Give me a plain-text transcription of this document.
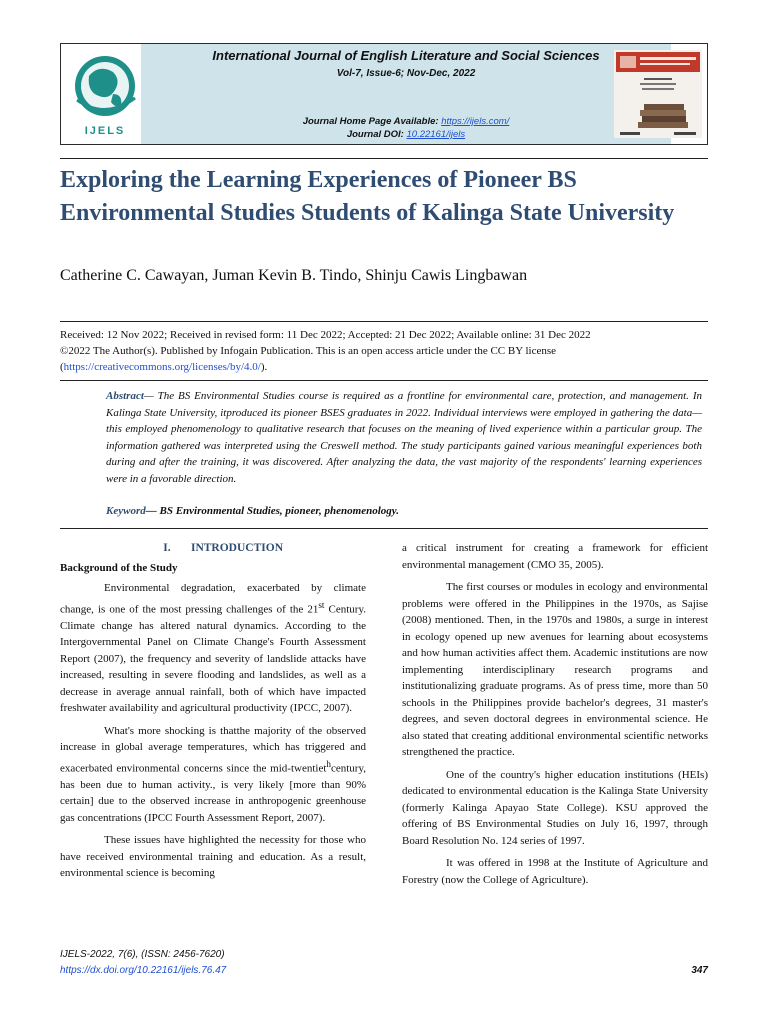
IJELS
International Journal of English Literature and Social Sciences
Vol-7, Issue-6; Nov-Dec, 2022
Journal Home Page Available: https://ijels.com/
Journal DOI: 10.22161/ijels
Exploring the Learning Experiences of Pioneer BS Environmental Studies Students of Kalinga State University
Catherine C. Cawayan, Juman Kevin B. Tindo, Shinju Cawis Lingbawan
Received: 12 Nov 2022; Received in revised form: 11 Dec 2022; Accepted: 21 Dec 2022; Available online: 31 Dec 2022
©2022 The Author(s). Published by Infogain Publication. This is an open access article under the CC BY license
(https://creativecommons.org/licenses/by/4.0/).

Abstract— The BS Environmental Studies course is required as a frontline for environmental care, protection, and management. In Kalinga State University, itproduced its pioneer BSES graduates in 2022. Individual interviews were employed in gathering the data—this employed phenomenology to qualitative research that focuses on the meaning of lived experience within a particular group. The information gathered was interpreted using the Creswell method. The study participants gained various meaningful experiences both during and after the training, it was discovered. After analyzing the data, the vast majority of the respondents' learning experiences were in a favorable direction.

Keyword— BS Environmental Studies, pioneer, phenomenology.
I. INTRODUCTION
Background of the Study

Environmental degradation, exacerbated by climate change, is one of the most pressing challenges of the 21st Century. Climate change has altered natural dynamics. According to the Intergovernmental Panel on Climate Change's Fourth Assessment Report (2007), the frequency and severity of landslide attacks have increased, resulting in severe flooding and landslides, as well as a decrease in average annual rainfall, both of which have impacted freshwater availability and agricultural productivity (IPCC, 2007).

What's more shocking is thatthe majority of the observed increase in global average temperatures, which has triggered and exacerbated environmental concerns since the mid-twentiet$^h$century, has been due to human activity., is very likely [more than 90% certain] due to the observed increase in anthropogenic greenhouse gas concentrations (IPCC Fourth Assessment Report, 2007).

These issues have highlighted the necessity for those who have received environmental training and education. As a result, environmental science is becoming

a critical instrument for creating a framework for efficient environmental management (CMO 35, 2005).

The first courses or modules in ecology and environmental problems were offered in the Philippines in the 1970s, as Sajise (2008) mentioned. Then, in the 1970s and 1980s, a surge in interest in ecology opened up new avenues for learning about ecosystems and how human activities affect them. Academic institutions are now implementing interdisciplinary research programs and institutionalizing graduate programs. As of press time, more than 50 schools in the Philippines provide bachelor's degrees, 31 master's degrees, and seven doctoral degrees in environmental science. He also stated that creating additional environmental scientific networks strengthened the practice.

One of the country's higher education institutions (HEIs) dedicated to environmental education is the Kalinga State University (formerly Kalinga Apayao State College). KSU approved the offering of BS Environmental Studies on July 16, 1997, through Board Resolution No. 124 series of 1997.

It was offered in 1998 at the Institute of Agriculture and Forestry (now the College of Agriculture).

IJELS-2022, 7(6), (ISSN: 2456-7620)
https://dx.doi.org/10.22161/ijels.76.47	347
